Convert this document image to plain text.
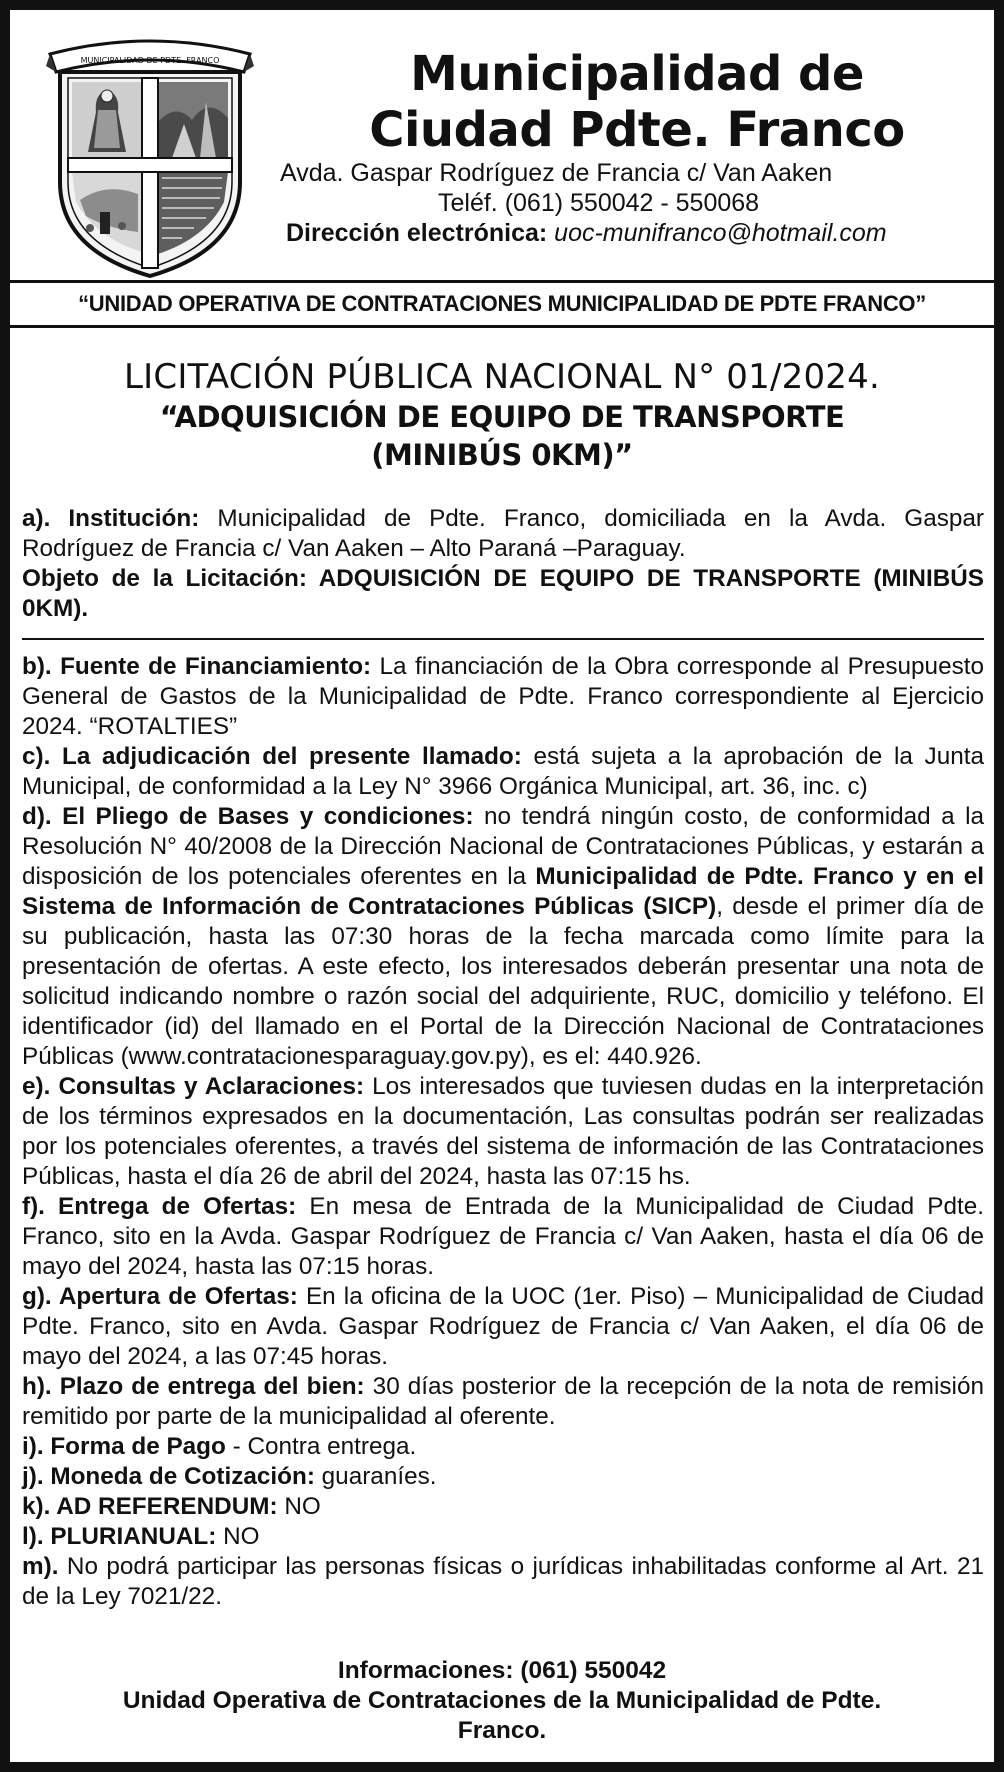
MUNICIPALIDAD DE PDTE. FRANCO	Municipalidad de
Ciudad Pdte. Franco
Avda. Gaspar Rodríguez de Francia c/ Van Aaken
Teléf. (061) 550042 - 550068
Dirección electrónica: uoc-munifranco@hotmail.com
“UNIDAD OPERATIVA DE CONTRATACIONES MUNICIPALIDAD DE PDTE FRANCO”
LICITACIÓN PÚBLICA NACIONAL N° 01/2024.
“ADQUISICIÓN DE EQUIPO DE TRANSPORTE
(MINIBÚS 0KM)”

a). Institución: Municipalidad de Pdte. Franco, domiciliada en la Avda. Gaspar Rodríguez de Francia c/ Van Aaken – Alto Paraná –Paraguay.

Objeto de la Licitación: ADQUISICIÓN DE EQUIPO DE TRANSPORTE (MINIBÚS 0KM).

b). Fuente de Financiamiento: La financiación de la Obra corresponde al Presupuesto General de Gastos de la Municipalidad de Pdte. Franco correspondiente al Ejercicio 2024. “ROTALTIES”

c). La adjudicación del presente llamado: está sujeta a la aprobación de la Junta Municipal, de conformidad a la Ley N° 3966 Orgánica Municipal, art. 36, inc. c)

d). El Pliego de Bases y condiciones: no tendrá ningún costo, de conformidad a la Resolución N° 40/2008 de la Dirección Nacional de Contrataciones Públicas, y estarán a disposición de los potenciales oferentes en la Municipalidad de Pdte. Franco y en el Sistema de Información de Contrataciones Públicas (SICP), desde el primer día de su publicación, hasta las 07:30 horas de la fecha marcada como límite para la presentación de ofertas. A este efecto, los interesados deberán presentar una nota de solicitud indicando nombre o razón social del adquiriente, RUC, domicilio y teléfono. El identificador (id) del llamado en el Portal de la Dirección Nacional de Contrataciones Públicas (www.contratacionesparaguay.gov.py), es el: 440.926.

e). Consultas y Aclaraciones: Los interesados que tuviesen dudas en la interpretación de los términos expresados en la documentación, Las consultas podrán ser realizadas por los potenciales oferentes, a través del sistema de información de las Contrataciones Públicas, hasta el día 26 de abril del 2024, hasta las 07:15 hs.

f). Entrega de Ofertas: En mesa de Entrada de la Municipalidad de Ciudad Pdte. Franco, sito en la Avda. Gaspar Rodríguez de Francia c/ Van Aaken, hasta el día 06 de mayo del 2024, hasta las 07:15 horas.

g). Apertura de Ofertas: En la oficina de la UOC (1er. Piso) – Municipalidad de Ciudad Pdte. Franco, sito en Avda. Gaspar Rodríguez de Francia c/ Van Aaken, el día 06 de mayo del 2024, a las 07:45 horas.

h). Plazo de entrega del bien: 30 días posterior de la recepción de la nota de remisión remitido por parte de la municipalidad al oferente.

i). Forma de Pago - Contra entrega.

j). Moneda de Cotización: guaraníes.

k). AD REFERENDUM: NO

l). PLURIANUAL: NO

m). No podrá participar las personas físicas o jurídicas inhabilitadas conforme al Art. 21 de la Ley 7021/22.

Informaciones: (061) 550042
Unidad Operativa de Contrataciones de la Municipalidad de Pdte.
Franco.
